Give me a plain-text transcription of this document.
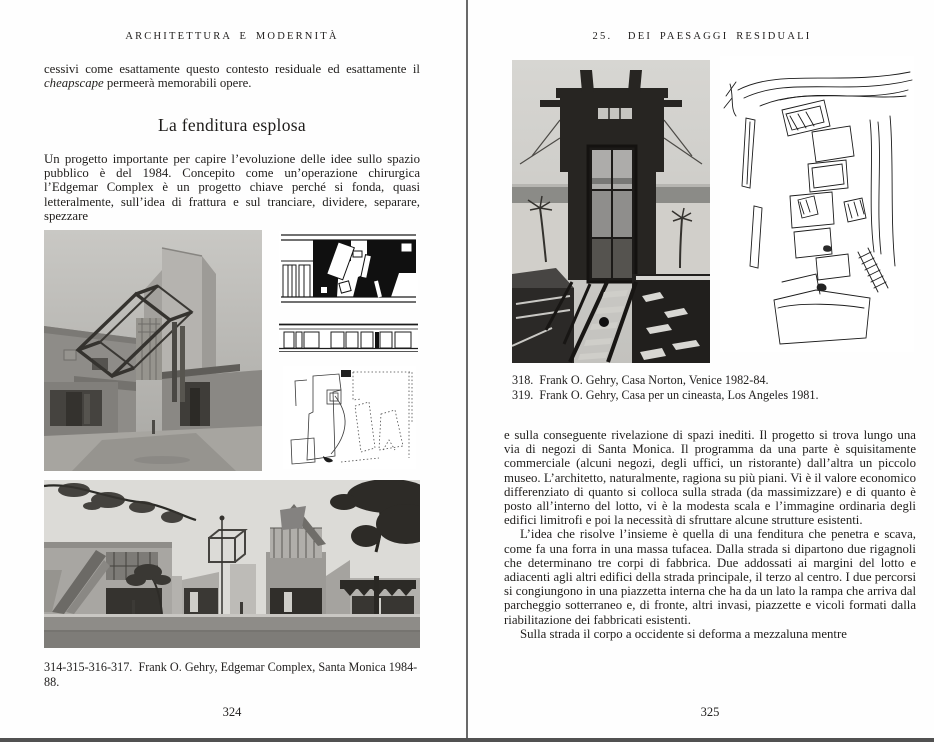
ARCHITETTURA E MODERNITÀ

cessivi come esattamente questo contesto residuale ed esattamente il cheapscape permeerà memorabili opere.

La fenditura esplosa

Un progetto importante per capire l’evoluzione delle idee sullo spazio pubblico è del 1984. Concepito come un’operazione chirurgica l’Edgemar Complex è un progetto chiave perché si fonda, quasi letteralmente, sull’idea di frattura e sul tranciare, dividere, separare, spezzare

314-315-316-317.  Frank O. Gehry, Edgemar Complex, Santa Monica 1984-88.
324
25.  DEI PAESAGGI RESIDUALI
318.  Frank O. Gehry, Casa Norton, Venice 1982-84.
319.  Frank O. Gehry, Casa per un cineasta, Los Angeles 1981.

e sulla conseguente rivelazione di spazi inediti. Il progetto si trova lungo una via di negozi di Santa Monica. Il programma da una parte è squisitamente commerciale (alcuni negozi, degli uffici, un ristorante) dall’altra un piccolo museo. L’architetto, naturalmente, ragiona su più piani. Vi è il valore economico differenziato di quanto si colloca sulla strada (da massimizzare) e di quanto è posto all’interno del lotto, vi è la modesta scala e l’immagine ordinaria degli edifici limitrofi e poi la necessità di sfruttare alcune strutture esistenti.

L’idea che risolve l’insieme è quella di una fenditura che penetra e scava, come fa una forra in una massa tufacea. Dalla strada si dipartono due rigagnoli che determinano tre corpi di fabbrica. Due addossati ai margini del lotto e adiacenti agli altri edifici della strada principale, il terzo al centro. I due percorsi si congiungono in una piazzetta interna che ha da un lato la rampa che arriva dal parcheggio sotterraneo e, di fronte, altri invasi, piazzette e vicoli formati dalla riabilitazione dei fabbricati esistenti.

Sulla strada il corpo a occidente si deforma a mezzaluna mentre

325
